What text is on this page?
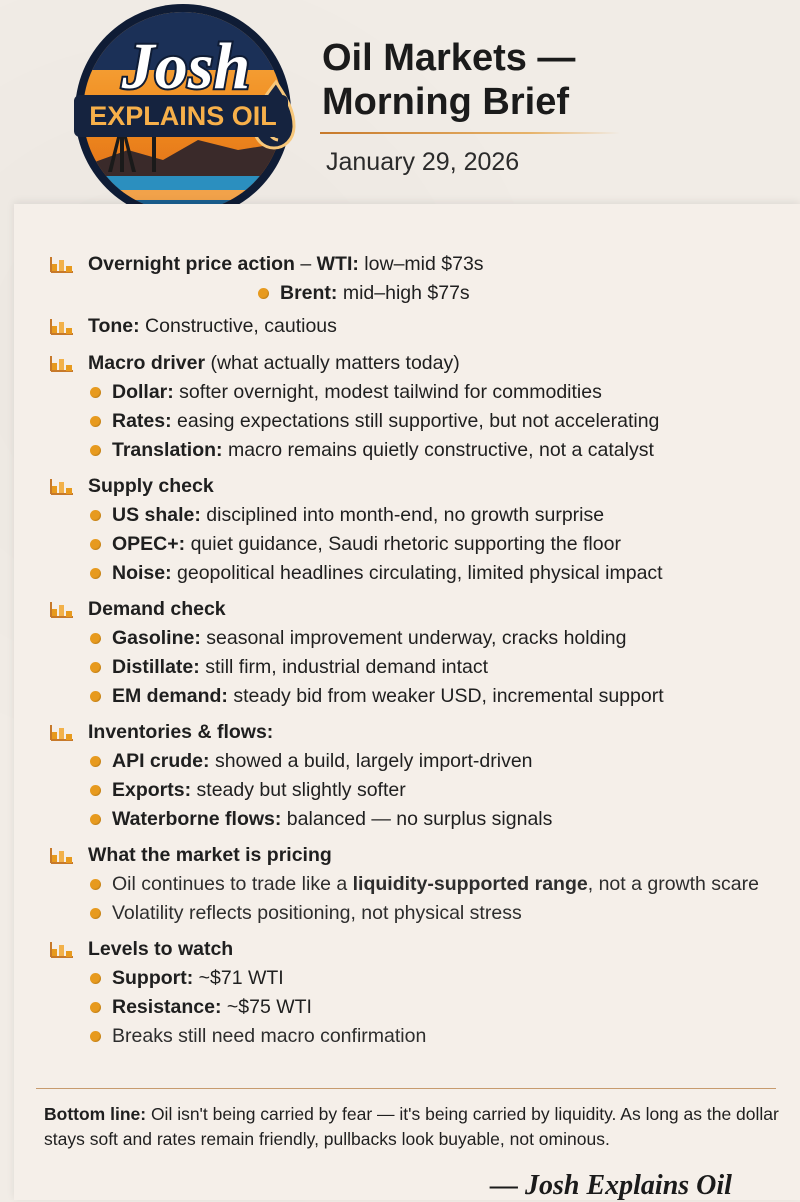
EXPLAINS OIL
Josh Oil Markets —
Morning Brief
January 29, 2026
Overnight price action – WTI: low–mid $73s
Brent: mid–high $77s
Tone: Constructive, cautious
Macro driver (what actually matters today)
Dollar: softer overnight, modest tailwind for commodities
Rates: easing expectations still supportive, but not accelerating
Translation: macro remains quietly constructive, not a catalyst
Supply check
US shale: disciplined into month-end, no growth surprise
OPEC+: quiet guidance, Saudi rhetoric supporting the floor
Noise: geopolitical headlines circulating, limited physical impact
Demand check
Gasoline: seasonal improvement underway, cracks holding
Distillate: still firm, industrial demand intact
EM demand: steady bid from weaker USD, incremental support
Inventories & flows:
API crude: showed a build, largely import-driven
Exports: steady but slightly softer
Waterborne flows: balanced — no surplus signals
What the market is pricing
Oil continues to trade like a liquidity-supported range, not a growth scare
Volatility reflects positioning, not physical stress
Levels to watch
Support: ~$71 WTI
Resistance: ~$75 WTI
Breaks still need macro confirmation
Bottom line: Oil isn't being carried by fear — it's being carried by liquidity. As long as the dollar stays soft and rates remain friendly, pullbacks look buyable, not ominous.
— Josh Explains Oil
